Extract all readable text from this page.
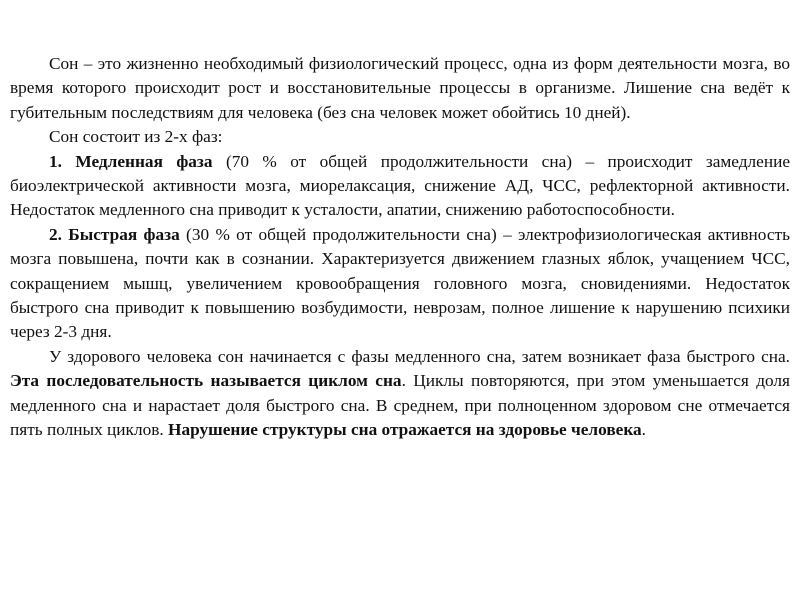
Сон – это жизненно необходимый физиологический процесс, одна из форм деятельности мозга, во время которого происходит рост и восстановительные процессы в организме. Лишение сна ведёт к губительным последствиям для человека (без сна человек может обойтись 10 дней).

Сон состоит из 2-х фаз:

1. Медленная фаза (70 % от общей продолжительности сна) – происходит замедление биоэлектрической активности мозга, миорелаксация, снижение АД, ЧСС, рефлекторной активности. Недостаток медленного сна приводит к усталости, апатии, снижению работоспособности.

2. Быстрая фаза (30 % от общей продолжительности сна) – электрофизиологическая активность мозга повышена, почти как в сознании. Характеризуется движением глазных яблок, учащением ЧСС, сокращением мышц, увеличением кровообращения головного мозга, сновидениями. Недостаток быстрого сна приводит к повышению возбудимости, неврозам, полное лишение к нарушению психики через 2-3 дня.

У здорового человека сон начинается с фазы медленного сна, затем возникает фаза быстрого сна. Эта последовательность называется циклом сна. Циклы повторяются, при этом уменьшается доля медленного сна и нарастает доля быстрого сна. В среднем, при полноценном здоровом сне отмечается пять полных циклов. Нарушение структуры сна отражается на здоровье человека.
